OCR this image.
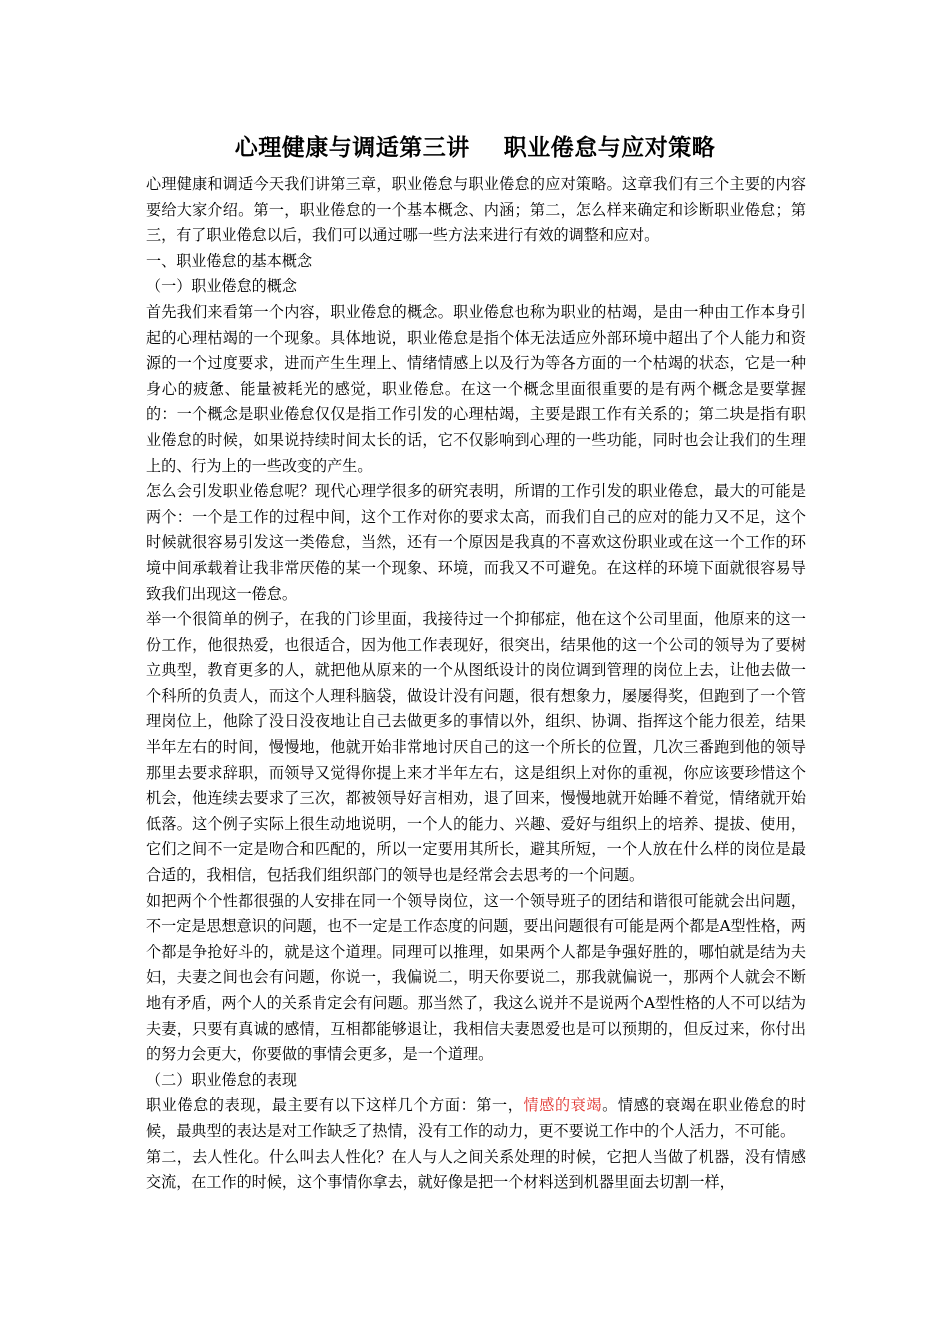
心理健康与调适第三讲    职业倦怠与应对策略

心理健康和调适今天我们讲第三章，职业倦怠与职业倦怠的应对策略。这章我们有三个主要的内容要给大家介绍。第一，职业倦怠的一个基本概念、内涵；第二，怎么样来确定和诊断职业倦怠；第三，有了职业倦怠以后，我们可以通过哪一些方法来进行有效的调整和应对。

一、职业倦怠的基本概念

（一）职业倦怠的概念

首先我们来看第一个内容，职业倦怠的概念。职业倦怠也称为职业的枯竭，是由一种由工作本身引起的心理枯竭的一个现象。具体地说，职业倦怠是指个体无法适应外部环境中超出了个人能力和资源的一个过度要求，进而产生生理上、情绪情感上以及行为等各方面的一个枯竭的状态，它是一种身心的疲惫、能量被耗光的感觉，职业倦怠。在这一个概念里面很重要的是有两个概念是要掌握的：一个概念是职业倦怠仅仅是指工作引发的心理枯竭，主要是跟工作有关系的；第二块是指有职业倦怠的时候，如果说持续时间太长的话，它不仅影响到心理的一些功能，同时也会让我们的生理上的、行为上的一些改变的产生。

怎么会引发职业倦怠呢？现代心理学很多的研究表明，所谓的工作引发的职业倦怠，最大的可能是两个：一个是工作的过程中间，这个工作对你的要求太高，而我们自己的应对的能力又不足，这个时候就很容易引发这一类倦怠，当然，还有一个原因是我真的不喜欢这份职业或在这一个工作的环境中间承载着让我非常厌倦的某一个现象、环境，而我又不可避免。在这样的环境下面就很容易导致我们出现这一倦怠。

举一个很简单的例子，在我的门诊里面，我接待过一个抑郁症，他在这个公司里面，他原来的这一份工作，他很热爱，也很适合，因为他工作表现好，很突出，结果他的这一个公司的领导为了要树立典型，教育更多的人，就把他从原来的一个从图纸设计的岗位调到管理的岗位上去，让他去做一个科所的负责人，而这个人理科脑袋，做设计没有问题，很有想象力，屡屡得奖，但跑到了一个管理岗位上，他除了没日没夜地让自己去做更多的事情以外，组织、协调、指挥这个能力很差，结果半年左右的时间，慢慢地，他就开始非常地讨厌自己的这一个所长的位置，几次三番跑到他的领导那里去要求辞职，而领导又觉得你提上来才半年左右，这是组织上对你的重视，你应该要珍惜这个机会，他连续去要求了三次，都被领导好言相劝，退了回来，慢慢地就开始睡不着觉，情绪就开始低落。这个例子实际上很生动地说明，一个人的能力、兴趣、爱好与组织上的培养、提拔、使用，它们之间不一定是吻合和匹配的，所以一定要用其所长，避其所短，一个人放在什么样的岗位是最合适的，我相信，包括我们组织部门的领导也是经常会去思考的一个问题。

如把两个个性都很强的人安排在同一个领导岗位，这一个领导班子的团结和谐很可能就会出问题，不一定是思想意识的问题，也不一定是工作态度的问题，要出问题很有可能是两个都是A型性格，两个都是争抢好斗的，就是这个道理。同理可以推理，如果两个人都是争强好胜的，哪怕就是结为夫妇，夫妻之间也会有问题，你说一，我偏说二，明天你要说二，那我就偏说一，那两个人就会不断地有矛盾，两个人的关系肯定会有问题。那当然了，我这么说并不是说两个A型性格的人不可以结为夫妻，只要有真诚的感情，互相都能够退让，我相信夫妻恩爱也是可以预期的，但反过来，你付出的努力会更大，你要做的事情会更多，是一个道理。

（二）职业倦怠的表现

职业倦怠的表现，最主要有以下这样几个方面：第一，情感的衰竭。情感的衰竭在职业倦怠的时候，最典型的表达是对工作缺乏了热情，没有工作的动力，更不要说工作中的个人活力，不可能。

第二，去人性化。什么叫去人性化？在人与人之间关系处理的时候，它把人当做了机器，没有情感交流，在工作的时候，这个事情你拿去，就好像是把一个材料送到机器里面去切割一样，
